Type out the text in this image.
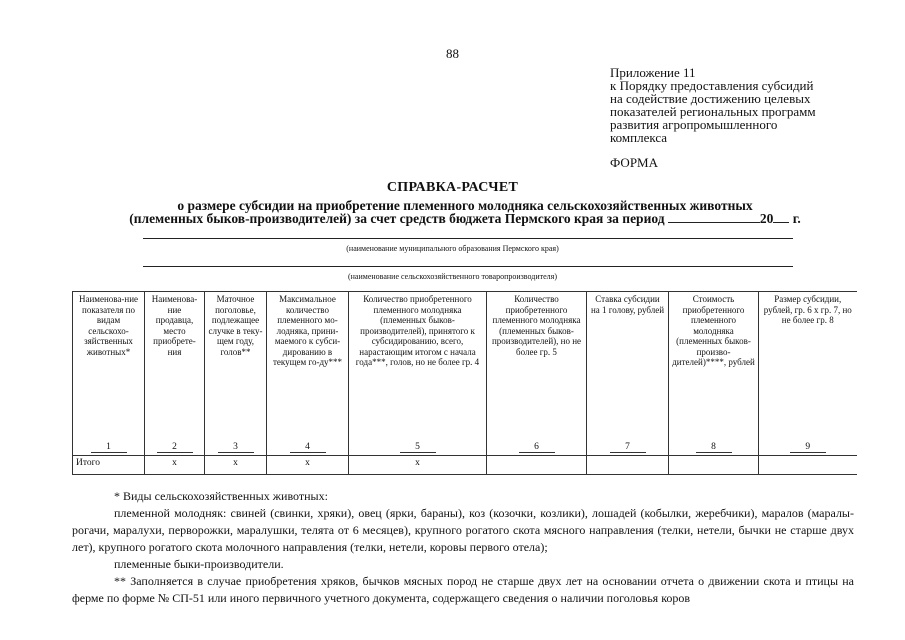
88
Приложение 11
к Порядку предоставления субсидий
на содействие достижению целевых
показателей региональных программ
развития агропромышленного
комплекса
ФОРМА
СПРАВКА-РАСЧЕТ
о размере субсидии на приобретение племенного молодняка сельскохозяйственных животных
(племенных быков-производителей) за счет средств бюджета Пермского края за период	20 г.
(наименование муниципального образования Пермского края)
(наименование сельскохозяйственного товаропроизводителя)
Наименова-ние показателя по видам сельскохо-зяйственных животных*	Наименова-ние продавца, место приобрете-ния	Маточное поголовье, подлежащее случке в теку-щем году, голов**	Максимальное количество племенного мо-лодняка, прини-маемого к субси-дированию в текущем го-ду***	Количество приобретенного племенного молодняка (племенных быков-производителей), принятого к субсидированию, всего, нарастающим итогом с начала года***, голов, но не более гр. 4	Количество приобретенного племенного молодняка (племенных быков-производителей), но не более гр. 5	Ставка субсидии на 1 голову, рублей	Стоимость приобретенного племенного молодняка (племенных быков-произво-дителей)****, рублей	Размер субсидии, рублей, гр. 6 х гр. 7, но не более гр. 8
1	2	3	4	5	6	7	8	9
Итого	х	х	х	х				

* Виды сельскохозяйственных животных:

племенной молодняк: свиней (свинки, хряки), овец (ярки, бараны), коз (козочки, козлики), лошадей (кобылки, жеребчики), маралов (маралы-рогачи, маралухи, перворожки, маралушки, телята от 6 месяцев), крупного рогатого скота мясного направления (телки, нетели, бычки не старше двух лет), крупного рогатого скота молочного направления (телки, нетели, коровы первого отела);

племенные быки-производители.

** Заполняется в случае приобретения хряков, бычков мясных пород не старше двух лет на основании отчета о движении скота и птицы на ферме по форме № СП-51 или иного первичного учетного документа, содержащего сведения о наличии поголовья коров
